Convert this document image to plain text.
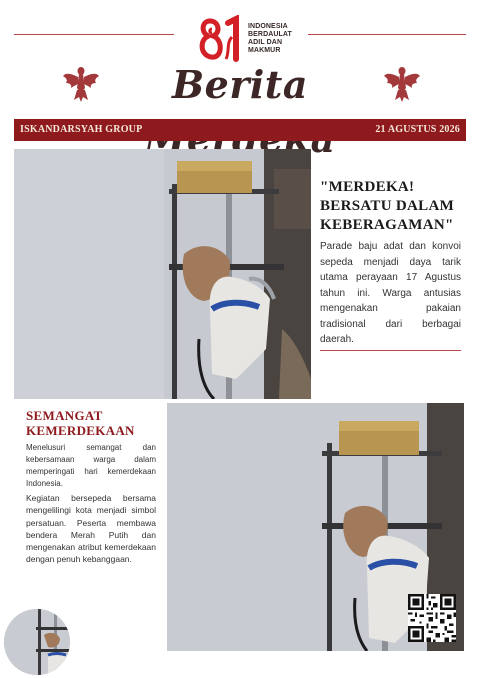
INDONESIA
BERDAULAT
ADIL DAN
MAKMUR
Berita
ISKANDARSYAH GROUP	21 AGUSTUS 2026
"MERDEKA! BERSATU DALAM KEBERAGAMAN"
Parade baju adat dan konvoi sepeda menjadi daya tarik utama perayaan 17 Agustus tahun ini. Warga antusias mengenakan pakaian tradisional dari berbagai daerah.
SEMANGAT KEMERDEKAAN
Menelusuri semangat dan kebersamaan warga dalam memperingati hari kemerdekaan Indonesia.
Kegiatan bersepeda bersama mengelilingi kota menjadi simbol persatuan. Peserta membawa bendera Merah Putih dan mengenakan atribut kemerdekaan dengan penuh kebanggaan.
